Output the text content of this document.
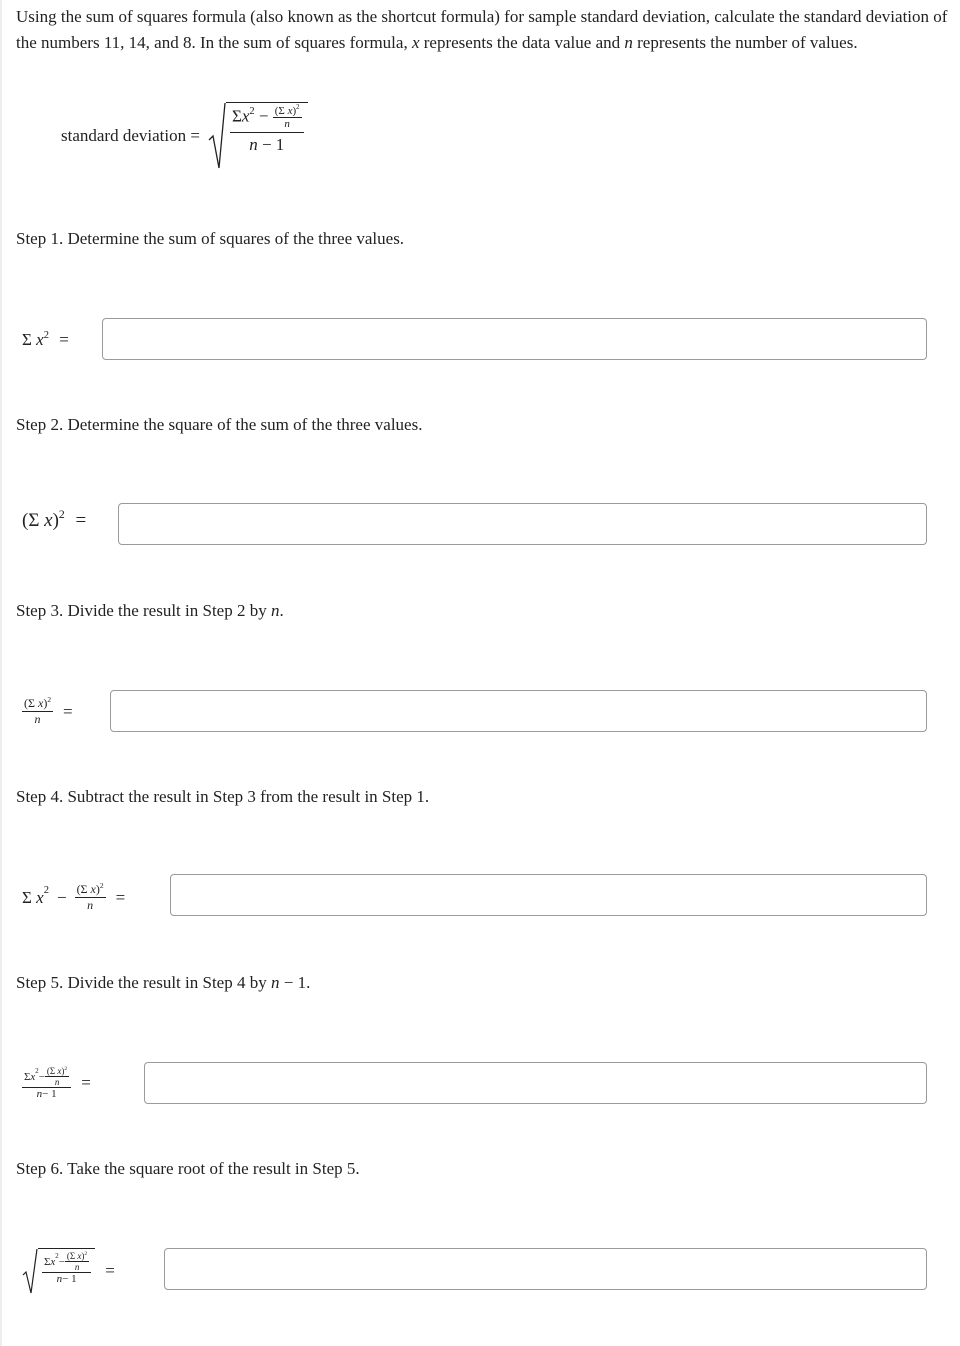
Using the sum of squares formula (also known as the shortcut formula) for sample standard deviation, calculate the standard deviation of the numbers 11, 14, and 8. In the sum of squares formula, x represents the data value and n represents the number of values.
standard deviation = $\frac{\Sigma x^2 - \frac{(\Sigma x)^2}{n}}{n - 1}$
Step 1. Determine the sum of squares of the three values.
Σ $x^2$ =
Step 2. Determine the square of the sum of the three values.
(Σ x)$^2$ =
Step 3. Divide the result in Step 2 by n.
$\frac{(\Sigma x)^2}{n}$ =
Step 4. Subtract the result in Step 3 from the result in Step 1.
Σ
x $2 - \frac{(\Sigma x)^2}{n}$ =
Step 5. Divide the result in Step 4 by n − 1.
$\frac{\Sigma x 2 - \frac{(\Sigma x)^2}{n}}{n- 1}$ =
Step 6. Take the square root of the result in Step 5.
$\frac{\Sigma x 2 - \frac{(\Sigma x)^2}{n}}{n- 1}$ =
